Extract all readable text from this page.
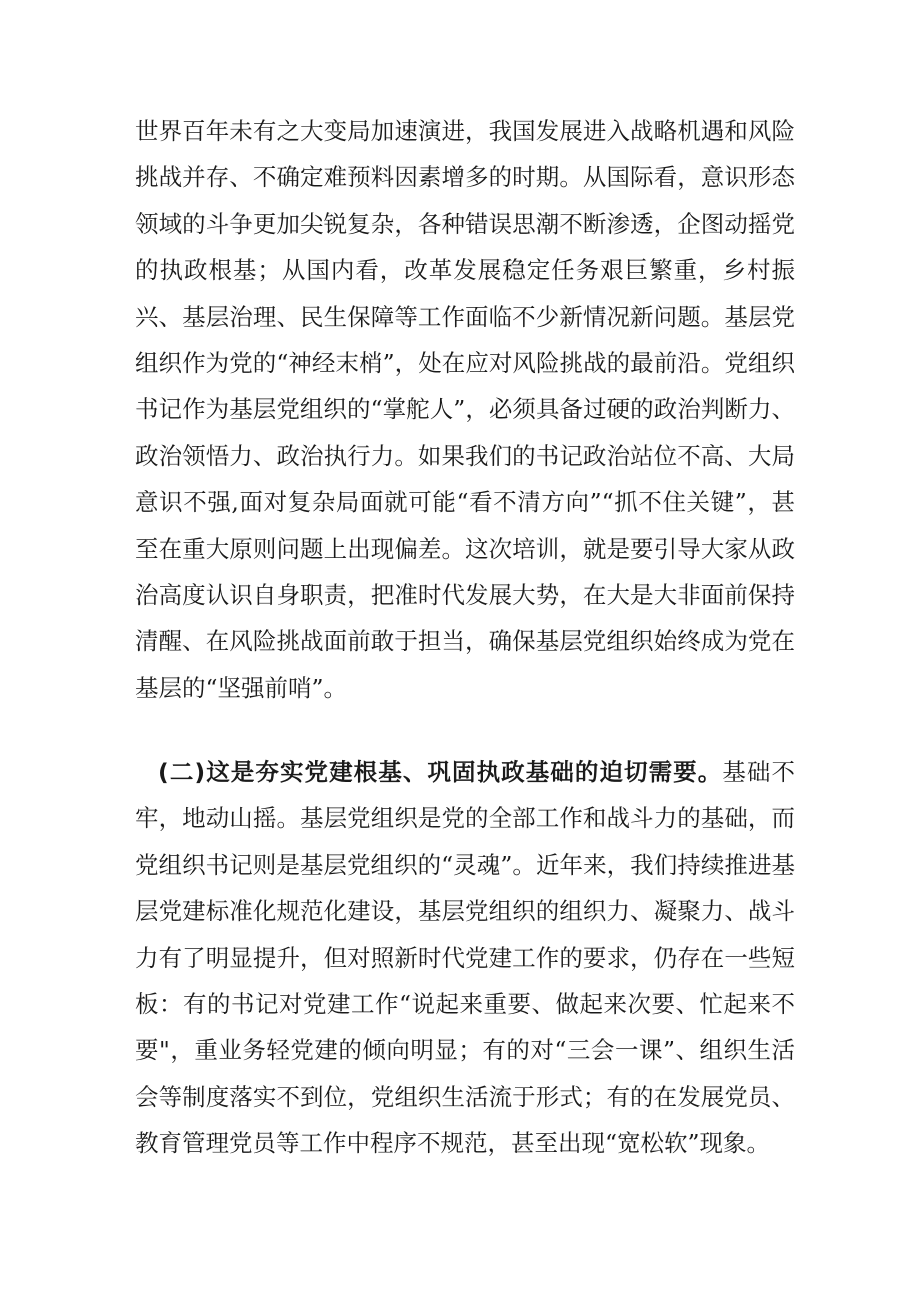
世界百年未有之大变局加速演进，我国发展进入战略机遇和风险挑战并存、不确定难预料因素增多的时期。从国际看，意识形态领域的斗争更加尖锐复杂，各种错误思潮不断渗透，企图动摇党的执政根基；从国内看，改革发展稳定任务艰巨繁重，乡村振兴、基层治理、民生保障等工作面临不少新情况新问题。基层党组织作为党的“神经末梢”，处在应对风险挑战的最前沿。党组织书记作为基层党组织的“掌舵人”，必须具备过硬的政治判断力、政治领悟力、政治执行力。如果我们的书记政治站位不高、大局意识不强,面对复杂局面就可能“看不清方向”“抓不住关键”，甚至在重大原则问题上出现偏差。这次培训，就是要引导大家从政治高度认识自身职责，把准时代发展大势，在大是大非面前保持清醒、在风险挑战面前敢于担当，确保基层党组织始终成为党在基层的“坚强前哨”。

(二)这是夯实党建根基、巩固执政基础的迫切需要。基础不牢，地动山摇。基层党组织是党的全部工作和战斗力的基础，而党组织书记则是基层党组织的“灵魂”。近年来，我们持续推进基层党建标准化规范化建设，基层党组织的组织力、凝聚力、战斗力有了明显提升，但对照新时代党建工作的要求，仍存在一些短板：有的书记对党建工作“说起来重要、做起来次要、忙起来不要"，重业务轻党建的倾向明显；有的对“三会一课”、组织生活会等制度落实不到位，党组织生活流于形式；有的在发展党员、教育管理党员等工作中程序不规范，甚至出现“宽松软”现象。
